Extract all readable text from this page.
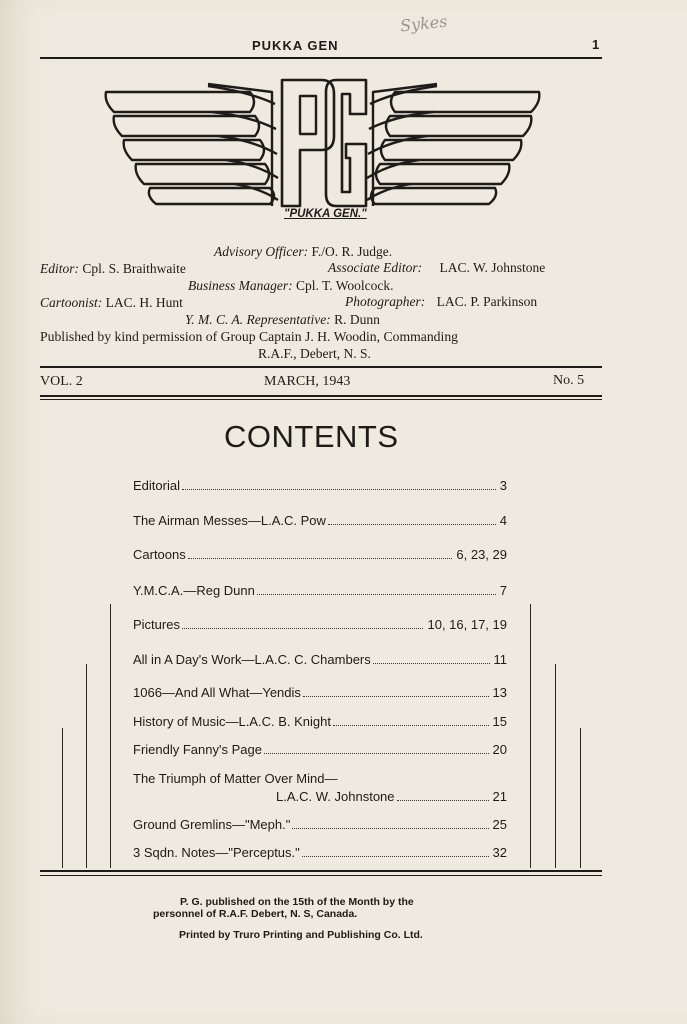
Sykes
PUKKA GEN	1
"PUKKA GEN."
Advisory Officer: F./O. R. Judge.
Editor: Cpl. S. Braithwaite	Associate Editor: LAC. W. Johnstone
Business Manager: Cpl. T. Woolcock.
Cartoonist: LAC. H. Hunt	Photographer: LAC. P. Parkinson
Y. M. C. A. Representative: R. Dunn
Published by kind permission of Group Captain J. H. Woodin, Commanding
R.A.F., Debert, N. S.
VOL. 2	MARCH, 1943	No. 5
CONTENTS
Editorial	3
The Airman Messes—L.A.C. Pow	4
Cartoons	6, 23, 29
Y.M.C.A.—Reg Dunn	7
Pictures	10, 16, 17, 19
All in A Day's Work—L.A.C. C. Chambers	11
1066—And All What—Yendis	13
History of Music—L.A.C. B. Knight	15
Friendly Fanny's Page	20
The Triumph of Matter Over Mind—
L.A.C. W. Johnstone	21
Ground Gremlins—"Meph."	25
3 Sqdn. Notes—"Perceptus."	32
P. G. published on the 15th of the Month by the
personnel of R.A.F. Debert, N. S, Canada.
Printed by Truro Printing and Publishing Co. Ltd.
